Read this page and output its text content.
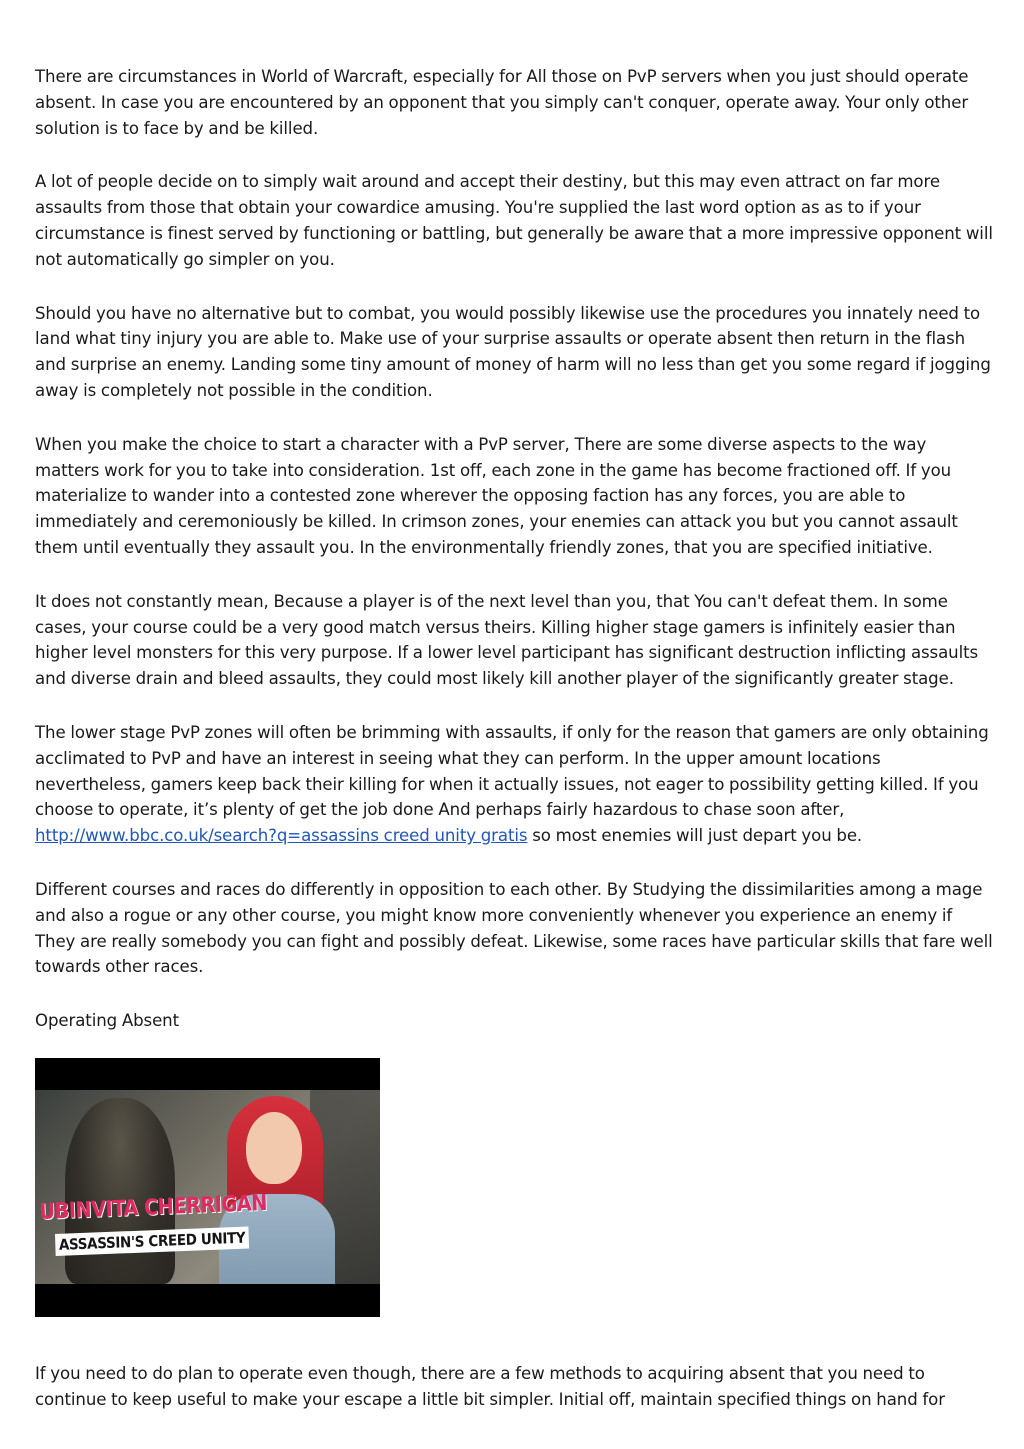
There are circumstances in World of Warcraft, especially for All those on PvP servers when you just should operate absent. In case you are encountered by an opponent that you simply can't conquer, operate away. Your only other solution is to face by and be killed.

A lot of people decide on to simply wait around and accept their destiny, but this may even attract on far more assaults from those that obtain your cowardice amusing. You're supplied the last word option as as to if your circumstance is finest served by functioning or battling, but generally be aware that a more impressive opponent will not automatically go simpler on you.

Should you have no alternative but to combat, you would possibly likewise use the procedures you innately need to land what tiny injury you are able to. Make use of your surprise assaults or operate absent then return in the flash and surprise an enemy. Landing some tiny amount of money of harm will no less than get you some regard if jogging away is completely not possible in the condition.

When you make the choice to start a character with a PvP server, There are some diverse aspects to the way matters work for you to take into consideration. 1st off, each zone in the game has become fractioned off. If you materialize to wander into a contested zone wherever the opposing faction has any forces, you are able to immediately and ceremoniously be killed. In crimson zones, your enemies can attack you but you cannot assault them until eventually they assault you. In the environmentally friendly zones, that you are specified initiative.

It does not constantly mean, Because a player is of the next level than you, that You can't defeat them. In some cases, your course could be a very good match versus theirs. Killing higher stage gamers is infinitely easier than higher level monsters for this very purpose. If a lower level participant has significant destruction inflicting assaults and diverse drain and bleed assaults, they could most likely kill another player of the significantly greater stage.

The lower stage PvP zones will often be brimming with assaults, if only for the reason that gamers are only obtaining acclimated to PvP and have an interest in seeing what they can perform. In the upper amount locations nevertheless, gamers keep back their killing for when it actually issues, not eager to possibility getting killed. If you choose to operate, it’s plenty of get the job done And perhaps fairly hazardous to chase soon after, http://www.bbc.co.uk/search?q=assassins creed unity gratis so most enemies will just depart you be.

Different courses and races do differently in opposition to each other. By Studying the dissimilarities among a mage and also a rogue or any other course, you might know more conveniently whenever you experience an enemy if They are really somebody you can fight and possibly defeat. Likewise, some races have particular skills that fare well towards other races.

Operating Absent

UBINVITA CHERRIGAN
ASSASSIN'S CREED UNITY

If you need to do plan to operate even though, there are a few methods to acquiring absent that you need to continue to keep useful to make your escape a little bit simpler. Initial off, maintain specified things on hand for
